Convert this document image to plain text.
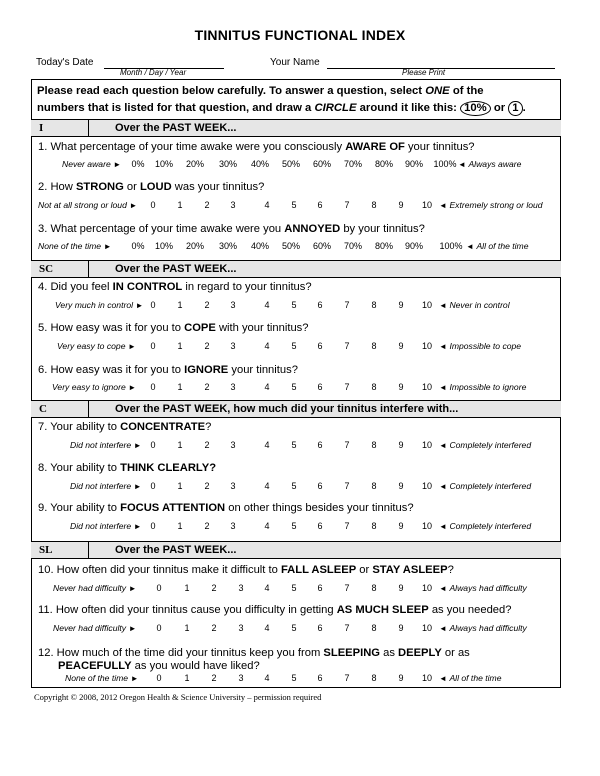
TINNITUS FUNCTIONAL INDEX
Today's Date
Month / Day / Year
Your Name
Please Print
Please read each question below carefully. To answer a question, select ONE of the
numbers that is listed for that question, and draw a CIRCLE around it like this: 10% or 1 .
I	Over the PAST WEEK...
SC	Over the PAST WEEK...
C	Over the PAST WEEK, how much did your tinnitus interfere with...
SL	Over the PAST WEEK...
1. What percentage of your time awake were you consciously AWARE OF your tinnitus?
Never aware ►	0%	10%	20%	30%	40%	50%	60%	70%	80%	90%	100% ◄ Always aware
2. How STRONG or LOUD was your tinnitus?
Not at all strong or loud ►	0	1	2	3	4	5	6	7	8	9	10 ◄ Extremely strong or loud
3. What percentage of your time awake were you ANNOYED by your tinnitus?
None of the time ►	0%	10%	20%	30%	40%	50%	60%	70%	80%	90%	100% ◄ All of the time
4. Did you feel IN CONTROL in regard to your tinnitus?
Very much in control ► 0	1	2	3	4	5	6	7	8	9	10 ◄ Never in control
5. How easy was it for you to COPE with your tinnitus?
Very easy to cope ►	0	1	2	3	4	5	6	7	8	9	10 ◄ Impossible to cope
6. How easy was it for you to IGNORE your tinnitus?
Very easy to ignore ►	0	1	2	3	4	5	6	7	8	9	10 ◄ Impossible to ignore
7. Your ability to CONCENTRATE?
Did not interfere ► 0	1	2	3	4	5	6	7	8	9	10 ◄ Completely interfered
8. Your ability to THINK CLEARLY?
Did not interfere ► 0	1	2	3	4	5	6	7	8	9	10 ◄ Completely interfered
9. Your ability to FOCUS ATTENTION on other things besides your tinnitus?
Did not interfere ► 0	1	2	3	4	5	6	7	8	9	10 ◄ Completely interfered
10. How often did your tinnitus make it difficult to FALL ASLEEP or STAY ASLEEP?
Never had difficulty ►	0	1	2	3	4	5	6	7	8	9	10 ◄ Always had difficulty
11. How often did your tinnitus cause you difficulty in getting AS MUCH SLEEP as you needed?
Never had difficulty ►	0	1	2	3	4	5	6	7	8	9	10 ◄ Always had difficulty
12. How much of the time did your tinnitus keep you from SLEEPING as DEEPLY or as
PEACEFULLY as you would have liked?
None of the time ►	0	1	2	3	4	5	6	7	8	9	10 ◄ All of the time
Copyright © 2008, 2012 Oregon Health & Science University – permission required
